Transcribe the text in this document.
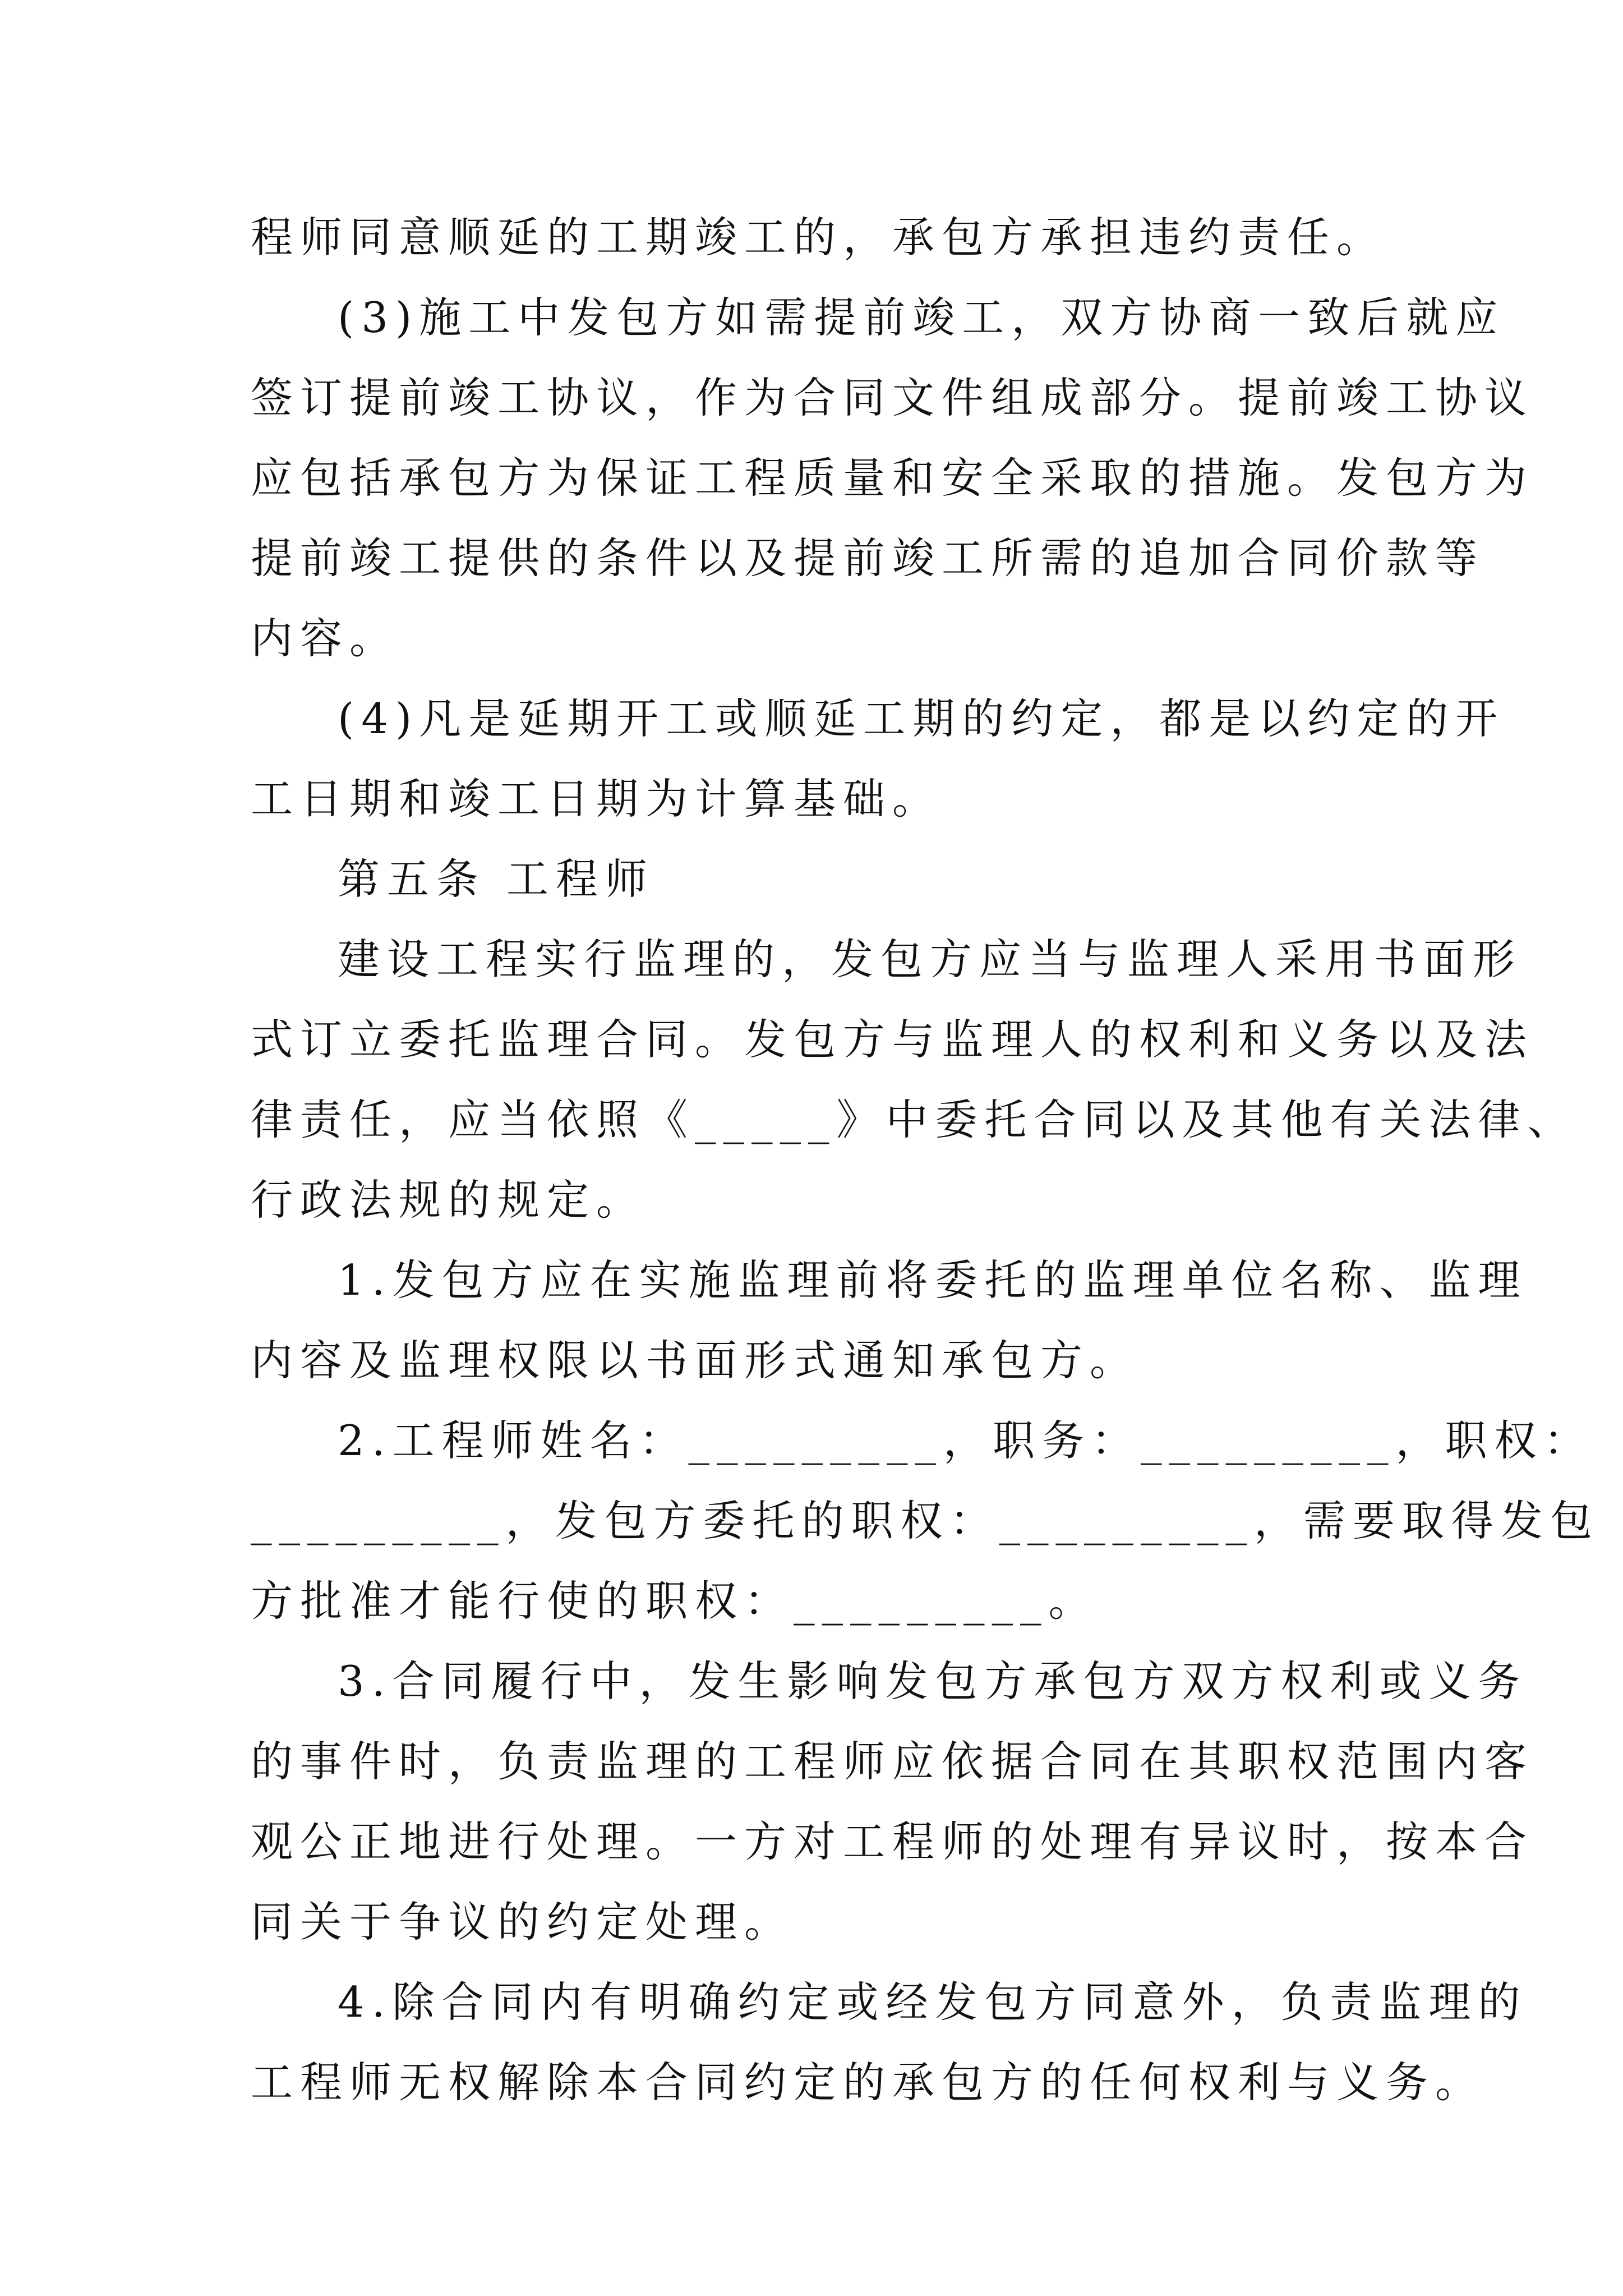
程师同意顺延的工期竣工的，承包方承担违约责任。
(3)施工中发包方如需提前竣工，双方协商一致后就应
签订提前竣工协议，作为合同文件组成部分。提前竣工协议
应包括承包方为保证工程质量和安全采取的措施。发包方为
提前竣工提供的条件以及提前竣工所需的追加合同价款等
内容。
(4)凡是延期开工或顺延工期的约定，都是以约定的开
工日期和竣工日期为计算基础。
第五条 工程师
建设工程实行监理的，发包方应当与监理人采用书面形
式订立委托监理合同。发包方与监理人的权利和义务以及法
律责任，应当依照《_____》中委托合同以及其他有关法律、
行政法规的规定。
1.发包方应在实施监理前将委托的监理单位名称、监理
内容及监理权限以书面形式通知承包方。
2.工程师姓名：_________，职务：_________，职权：
_________，发包方委托的职权：_________，需要取得发包
方批准才能行使的职权：_________。
3.合同履行中，发生影响发包方承包方双方权利或义务
的事件时，负责监理的工程师应依据合同在其职权范围内客
观公正地进行处理。一方对工程师的处理有异议时，按本合
同关于争议的约定处理。
4.除合同内有明确约定或经发包方同意外，负责监理的
工程师无权解除本合同约定的承包方的任何权利与义务。
